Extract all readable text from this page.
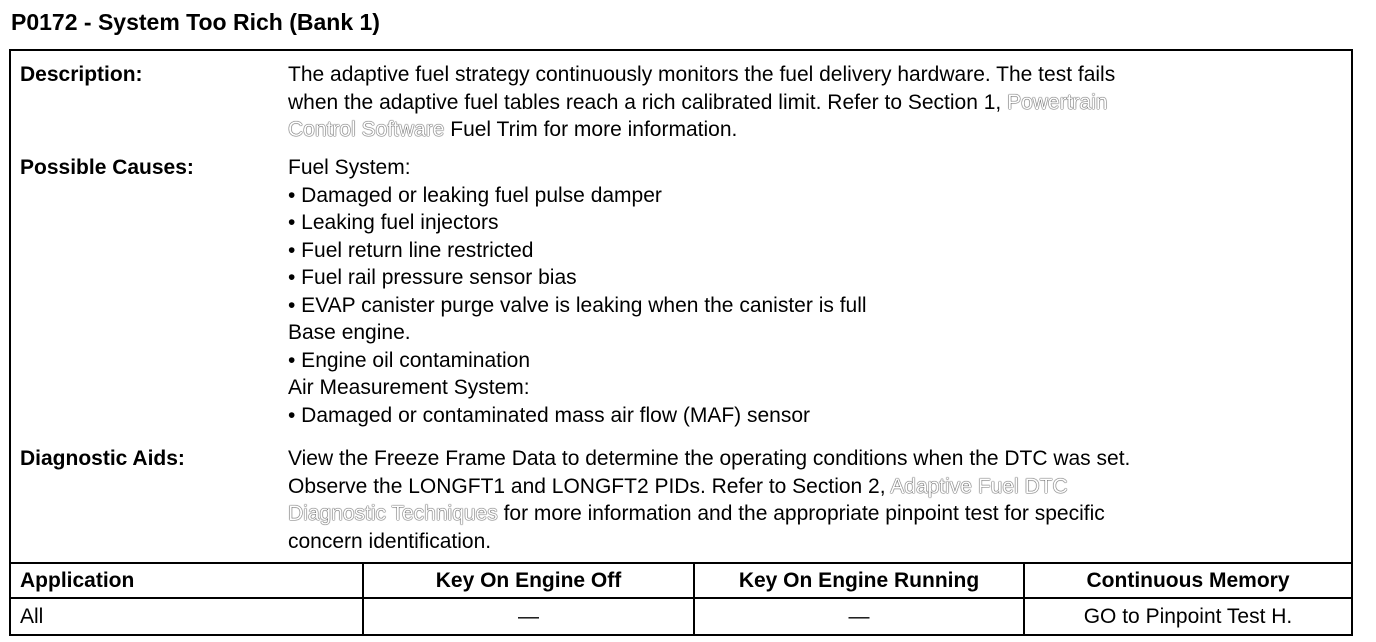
P0172 - System Too Rich (Bank 1)
Description:	The adaptive fuel strategy continuously monitors the fuel delivery hardware. The test fails
when the adaptive fuel tables reach a rich calibrated limit. Refer to Section 1, Powertrain
Control Software Fuel Trim for more information.
Possible Causes:	Fuel System:
• Damaged or leaking fuel pulse damper
• Leaking fuel injectors
• Fuel return line restricted
• Fuel rail pressure sensor bias
• EVAP canister purge valve is leaking when the canister is full
Base engine.
• Engine oil contamination
Air Measurement System:
• Damaged or contaminated mass air flow (MAF) sensor
Diagnostic Aids:	View the Freeze Frame Data to determine the operating conditions when the DTC was set.
Observe the LONGFT1 and LONGFT2 PIDs. Refer to Section 2, Adaptive Fuel DTC
Diagnostic Techniques for more information and the appropriate pinpoint test for specific
concern identification.
Application	Key On Engine Off	Key On Engine Running	Continuous Memory
All	—	—	GO to Pinpoint Test H.
